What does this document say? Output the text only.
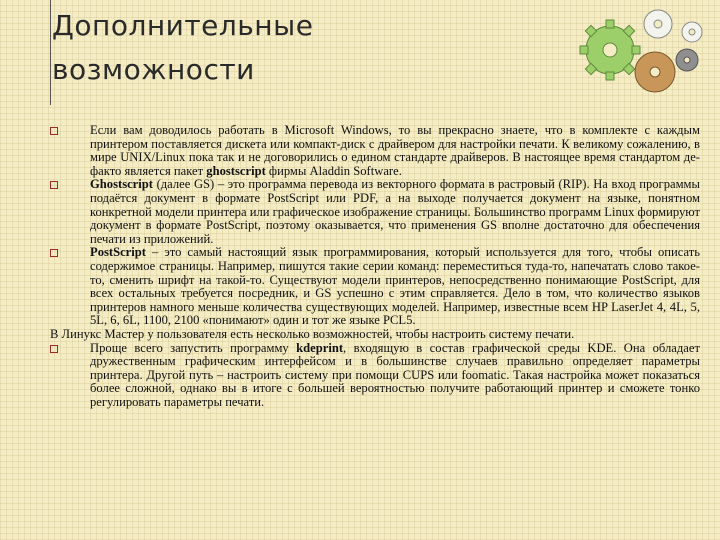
Дополнительные
возможности
Если вам доводилось работать в Microsoft Windows, то вы прекрасно знаете, что в комплекте с каждым принтером поставляется дискета или компакт-диск с драйвером для настройки печати. К великому сожалению, в мире UNIX/Linux пока так и не договорились о едином стандарте драйверов. В настоящее время стандартом де-факто является пакет ghostscript фирмы Aladdin Software.
Ghostscript (далее GS) – это программа перевода из векторного формата в растровый (RIP). На вход программы подаётся документ в формате PostScript или PDF, а на выходе получается документ на языке, понятном конкретной модели принтера или графическое изображение страницы. Большинство программ Linux формируют документ в формате PostScript, поэтому оказывается, что применения GS вполне достаточно для обеспечения печати из приложений.
PostScript – это самый настоящий язык программирования, который используется для того, чтобы описать содержимое страницы. Например, пишутся такие серии команд: переместиться туда-то, напечатать слово такое-то, сменить шрифт на такой-то. Существуют модели принтеров, непосредственно понимающие PostScript, для всех остальных требуется посредник, и GS успешно с этим справляется. Дело в том, что количество языков принтеров намного меньше количества существующих моделей. Например, известные всем HP LaserJet 4, 4L, 5, 5L, 6, 6L, 1100, 2100 «понимают» один и тот же языке PCL5.
В Линукс Мастер у пользователя есть несколько возможностей, чтобы настроить систему печати.
Проще всего запустить программу kdeprint, входящую в состав графической среды KDE. Она обладает дружественным графическим интерфейсом и в большинстве случаев правильно определяет параметры принтера. Другой путь – настроить систему при помощи CUPS или foomatic. Такая настройка может показаться более сложной, однако вы в итоге с большей вероятностью получите работающий принтер и сможете тонко регулировать параметры печати.
